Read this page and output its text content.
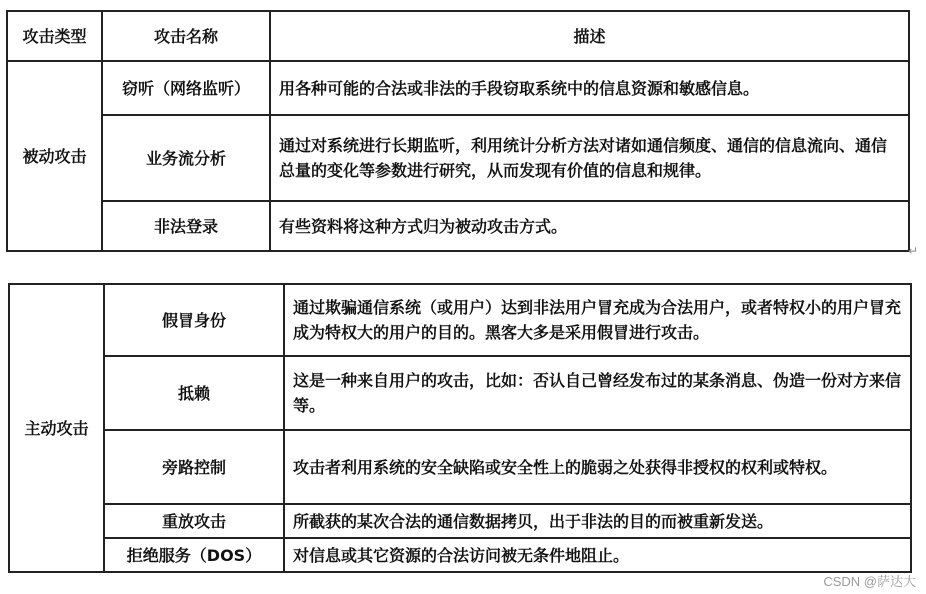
攻击类型	攻击名称	描述
被动攻击	窃听（网络监听）	用各种可能的合法或非法的手段窃取系统中的信息资源和敏感信息。
	业务流分析	通过对系统进行长期监听，利用统计分析方法对诸如通信频度、通信的信息流向、通信总量的变化等参数进行研究，从而发现有价值的信息和规律。
	非法登录	有些资料将这种方式归为被动攻击方式。
↵
主动攻击	假冒身份	通过欺骗通信系统（或用户）达到非法用户冒充成为合法用户，或者特权小的用户冒充成为特权大的用户的目的。黑客大多是采用假冒进行攻击。
	抵赖	这是一种来自用户的攻击，比如：否认自己曾经发布过的某条消息、伪造一份对方来信等。
	旁路控制	攻击者利用系统的安全缺陷或安全性上的脆弱之处获得非授权的权利或特权。
	重放攻击	所截获的某次合法的通信数据拷贝，出于非法的目的而被重新发送。
	拒绝服务（DOS）	对信息或其它资源的合法访问被无条件地阻止。
CSDN @萨达大
